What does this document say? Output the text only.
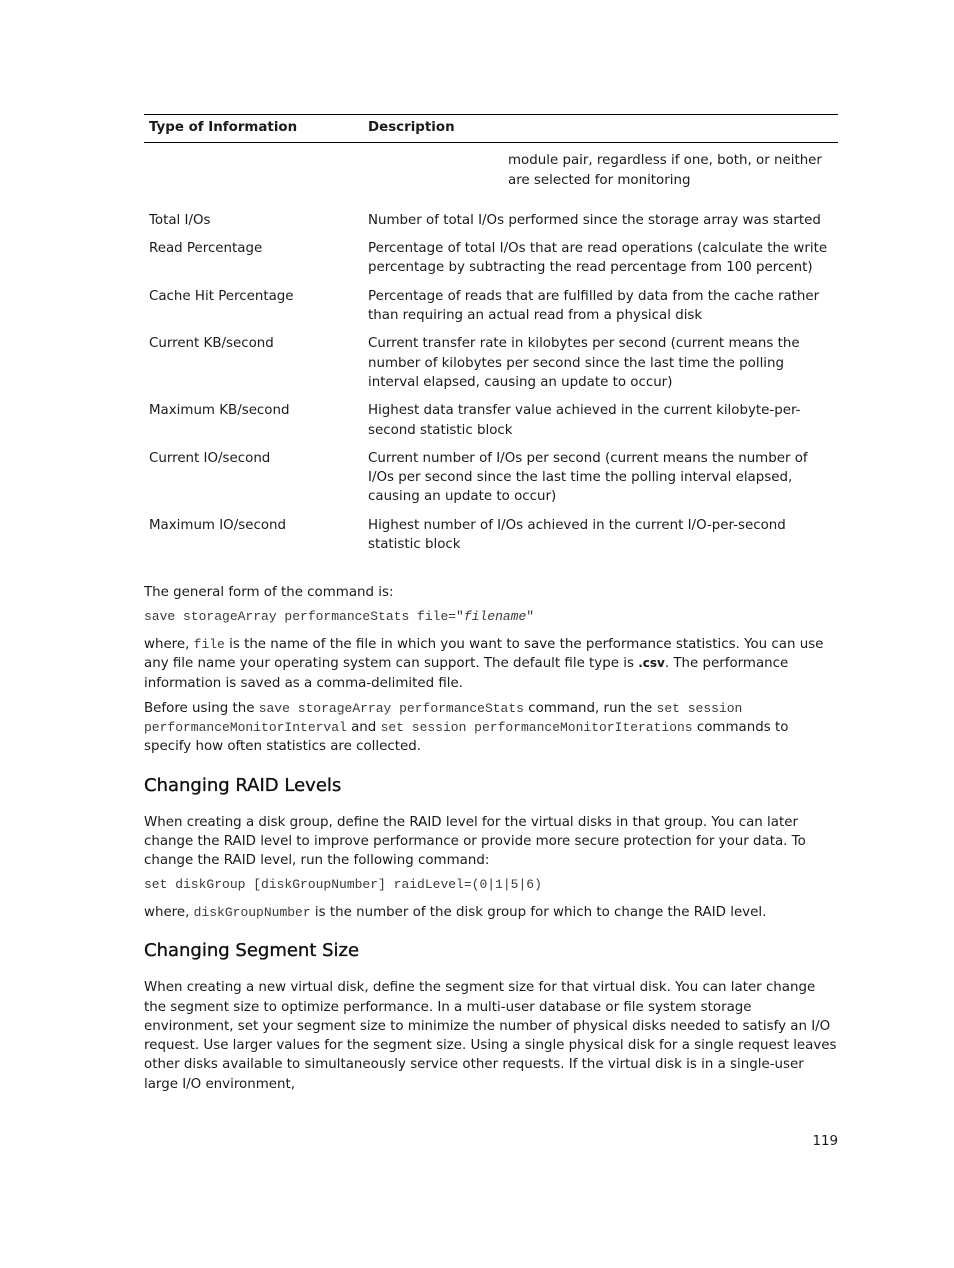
Type of Information	Description

	module pair, regardless if one, both, or neither are selected for monitoring

Total I/Os	Number of total I/Os performed since the storage array was started
Read Percentage	Percentage of total I/Os that are read operations (calculate the write percentage by subtracting the read percentage from 100 percent)
Cache Hit Percentage	Percentage of reads that are fulfilled by data from the cache rather than requiring an actual read from a physical disk
Current KB/second	Current transfer rate in kilobytes per second (current means the number of kilobytes per second since the last time the polling interval elapsed, causing an update to occur)
Maximum KB/second	Highest data transfer value achieved in the current kilobyte-per-second statistic block
Current IO/second	Current number of I/Os per second (current means the number of I/Os per second since the last time the polling interval elapsed, causing an update to occur)
Maximum IO/second	Highest number of I/Os achieved in the current I/O-per-second statistic block

The general form of the command is:

save storageArray performanceStats file="filename"

where, file is the name of the file in which you want to save the performance statistics. You can use any file name your operating system can support. The default file type is .csv. The performance information is saved as a comma-delimited file.

Before using the save storageArray performanceStats command, run the set session performanceMonitorInterval and set session performanceMonitorIterations commands to specify how often statistics are collected.

Changing RAID Levels

When creating a disk group, define the RAID level for the virtual disks in that group. You can later change the RAID level to improve performance or provide more secure protection for your data. To change the RAID level, run the following command:

set diskGroup [diskGroupNumber] raidLevel=(0|1|5|6)

where, diskGroupNumber is the number of the disk group for which to change the RAID level.

Changing Segment Size

When creating a new virtual disk, define the segment size for that virtual disk. You can later change the segment size to optimize performance. In a multi-user database or file system storage environment, set your segment size to minimize the number of physical disks needed to satisfy an I/O request. Use larger values for the segment size. Using a single physical disk for a single request leaves other disks available to simultaneously service other requests. If the virtual disk is in a single-user large I/O environment,

119
